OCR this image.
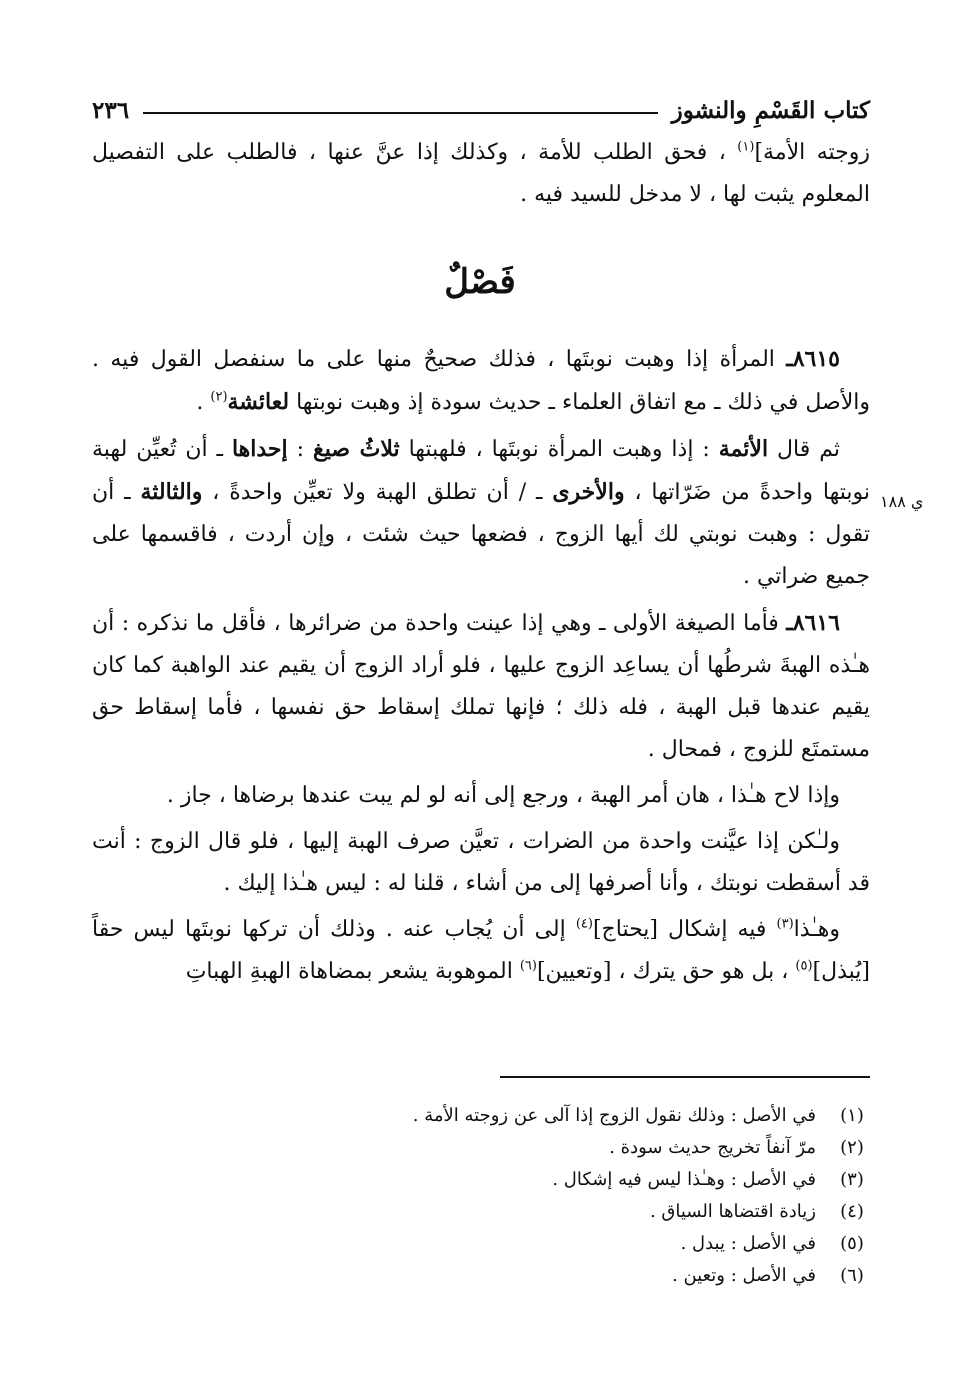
٢٣٦	كتاب القَسْمِ والنشوز

زوجته الأمة]$^{(١)}$ ، فحق الطلب للأمة ، وكذلك إذا عنَّ عنها ، فالطلب على التفصيل المعلوم يثبت لها ، لا مدخل للسيد فيه .

٨٦١٥ـ المرأة إذا وهبت نوبتَها ، فذلك صحيحٌ منها على ما سنفصل القول فيه . والأصل في ذلك ـ مع اتفاق العلماء ـ حديث سودة إذ وهبت نوبتها لعائشة$^{(٢)}$ .

ثم قال الأئمة : إذا وهبت المرأة نوبتَها ، فلهبتها ثلاثُ صيغ : إحداها ـ أن تُعيِّن لهبة نوبتها واحدةً من ضَرّاتها ، والأخرى ـ / أن تطلق الهبة ولا تعيِّن واحدةً ، والثالثة ـ أن تقول : وهبت نوبتي لك أيها الزوج ، فضعها حيث شئت ، وإن أردت ، فاقسمها على جميع ضراتي .

٨٦١٦ـ فأما الصيغة الأولى ـ وهي إذا عينت واحدة من ضرائرها ، فأقل ما نذكره : أن هـٰذه الهبةَ شرطُها أن يساعِد الزوج عليها ، فلو أراد الزوج أن يقيم عند الواهبة كما كان يقيم عندها قبل الهبة ، فله ذلك ؛ فإنها تملك إسقاط حق نفسها ، فأما إسقاط حق مستمتَع للزوج ، فمحال .

وإذا لاح هـٰذا ، هان أمر الهبة ، ورجع إلى أنه لو لم يبت عندها برضاها ، جاز .

ولـٰكن إذا عيَّنت واحدة من الضرات ، تعيَّن صرف الهبة إليها ، فلو قال الزوج : أنت قد أسقطت نوبتك ، وأنا أصرفها إلى من أشاء ، قلنا له : ليس هـٰذا إليك .

وهـٰذا$^{(٣)}$ فيه إشكال [يحتاج]$^{(٤)}$ إلى أن يُجاب عنه . وذلك أن تركها نوبتَها ليس حقاً [يُبذل]$^{(٥)}$ ، بل هو حق يترك ، [وتعيين]$^{(٦)}$ الموهوبة يشعر بمضاهاة الهبةِ الهباتِ

فَصْلٌ
ي ١٨٨
(١)
في الأصل : وذلك نقول الزوج إذا آلى عن زوجته الأمة .
(٢)
مرّ آنفاً تخريج حديث سودة .
(٣)
في الأصل : وهـٰذا ليس فيه إشكال .
(٤)
زيادة اقتضاها السياق .
(٥)
في الأصل : يبدل .
(٦)
في الأصل : وتعين .
